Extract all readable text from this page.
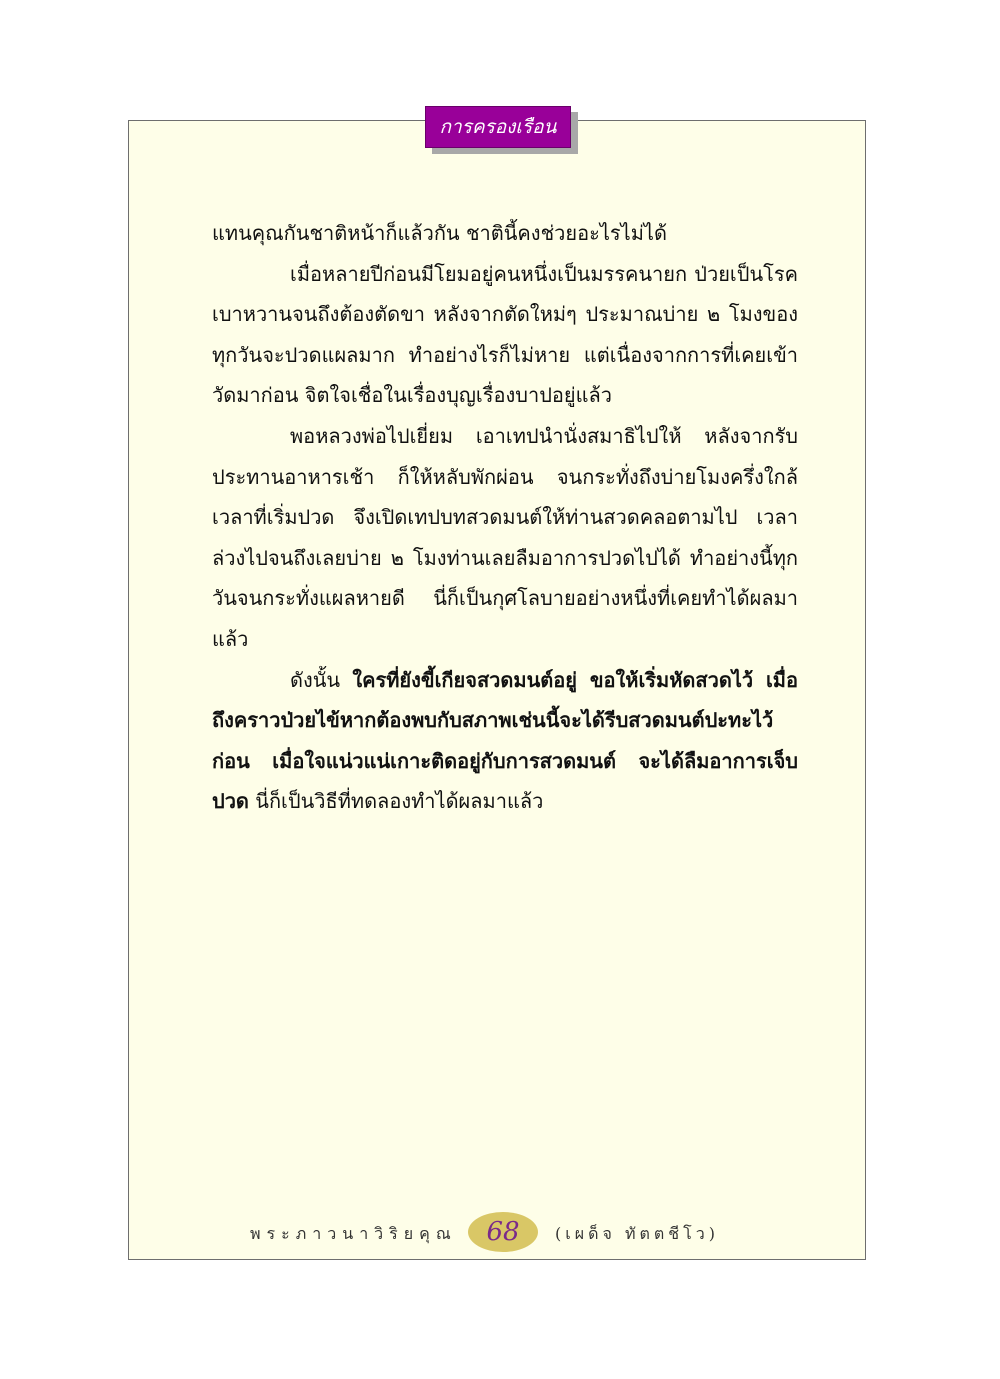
การครองเรือน

แทนคุณกันชาติหน้าก็แล้วกัน ชาตินี้คงช่วยอะไรไม่ได้

เมื่อหลายปีก่อนมีโยมอยู่คนหนึ่งเป็นมรรคนายก ป่วยเป็นโรคเบาหวานจนถึงต้องตัดขา หลังจากตัดใหม่ๆ ประมาณบ่าย ๒ โมงของทุกวันจะปวดแผลมาก ทำอย่างไรก็ไม่หาย แต่เนื่องจากการที่เคยเข้าวัดมาก่อน จิตใจเชื่อในเรื่องบุญเรื่องบาปอยู่แล้ว

พอหลวงพ่อไปเยี่ยม เอาเทปนำนั่งสมาธิไปให้ หลังจากรับประทานอาหารเช้า ก็ให้หลับพักผ่อน จนกระทั่งถึงบ่ายโมงครึ่งใกล้เวลาที่เริ่มปวด จึงเปิดเทปบทสวดมนต์ให้ท่านสวดคลอตามไป เวลาล่วงไปจนถึงเลยบ่าย ๒ โมงท่านเลยลืมอาการปวดไปได้ ทำอย่างนี้ทุกวันจนกระทั่งแผลหายดี นี่ก็เป็นกุศโลบายอย่างหนึ่งที่เคยทำได้ผลมาแล้ว

ดังนั้น ใครที่ยังขี้เกียจสวดมนต์อยู่ ขอให้เริ่มหัดสวดไว้ เมื่อถึงคราวป่วยไข้หากต้องพบกับสภาพเช่นนี้จะได้รีบสวดมนต์ปะทะไว้ก่อน เมื่อใจแน่วแน่เกาะติดอยู่กับการสวดมนต์ จะได้ลืมอาการเจ็บปวด นี่ก็เป็นวิธีที่ทดลองทำได้ผลมาแล้ว

พระภาวนาวิริยคุณ 68 (เผด็จ ทัตตชีโว)
